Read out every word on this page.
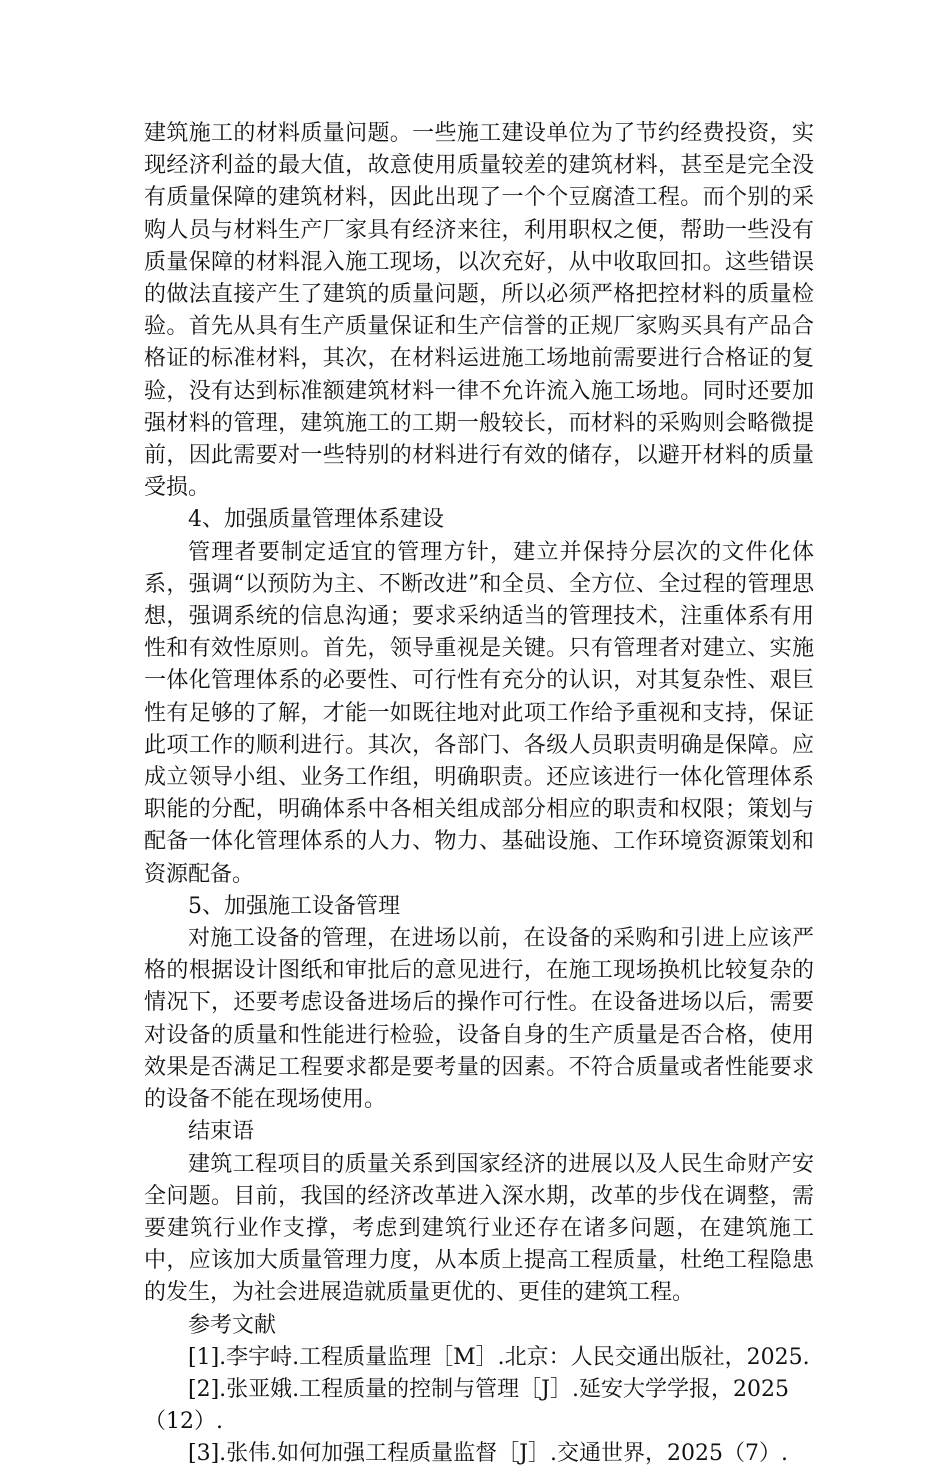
建筑施工的材料质量问题。一些施工建设单位为了节约经费投资，实现经济利益的最大值，故意使用质量较差的建筑材料，甚至是完全没有质量保障的建筑材料，因此出现了一个个豆腐渣工程。而个别的采购人员与材料生产厂家具有经济来往，利用职权之便，帮助一些没有质量保障的材料混入施工现场，以次充好，从中收取回扣。这些错误的做法直接产生了建筑的质量问题，所以必须严格把控材料的质量检验。首先从具有生产质量保证和生产信誉的正规厂家购买具有产品合格证的标准材料，其次，在材料运进施工场地前需要进行合格证的复验，没有达到标准额建筑材料一律不允许流入施工场地。同时还要加强材料的管理，建筑施工的工期一般较长，而材料的采购则会略微提前，因此需要对一些特别的材料进行有效的储存，以避开材料的质量受损。

4、加强质量管理体系建设

管理者要制定适宜的管理方针，建立并保持分层次的文件化体系，强调“以预防为主、不断改进”和全员、全方位、全过程的管理思想，强调系统的信息沟通；要求采纳适当的管理技术，注重体系有用性和有效性原则。首先，领导重视是关键。只有管理者对建立、实施一体化管理体系的必要性、可行性有充分的认识，对其复杂性、艰巨性有足够的了解，才能一如既往地对此项工作给予重视和支持，保证此项工作的顺利进行。其次，各部门、各级人员职责明确是保障。应成立领导小组、业务工作组，明确职责。还应该进行一体化管理体系职能的分配，明确体系中各相关组成部分相应的职责和权限；策划与配备一体化管理体系的人力、物力、基础设施、工作环境资源策划和资源配备。

5、加强施工设备管理

对施工设备的管理，在进场以前，在设备的采购和引进上应该严格的根据设计图纸和审批后的意见进行，在施工现场换机比较复杂的情况下，还要考虑设备进场后的操作可行性。在设备进场以后，需要对设备的质量和性能进行检验，设备自身的生产质量是否合格，使用效果是否满足工程要求都是要考量的因素。不符合质量或者性能要求的设备不能在现场使用。

结束语

建筑工程项目的质量关系到国家经济的进展以及人民生命财产安全问题。目前，我国的经济改革进入深水期，改革的步伐在调整，需要建筑行业作支撑，考虑到建筑行业还存在诸多问题，在建筑施工中，应该加大质量管理力度，从本质上提高工程质量，杜绝工程隐患的发生，为社会进展造就质量更优的、更佳的建筑工程。

参考文献

[1].李宇峙.工程质量监理［M］.北京：人民交通出版社，2025.

[2].张亚娥.工程质量的控制与管理［J］.延安大学学报，2025（12）.

[3].张伟.如何加强工程质量监督［J］.交通世界，2025（7）.
